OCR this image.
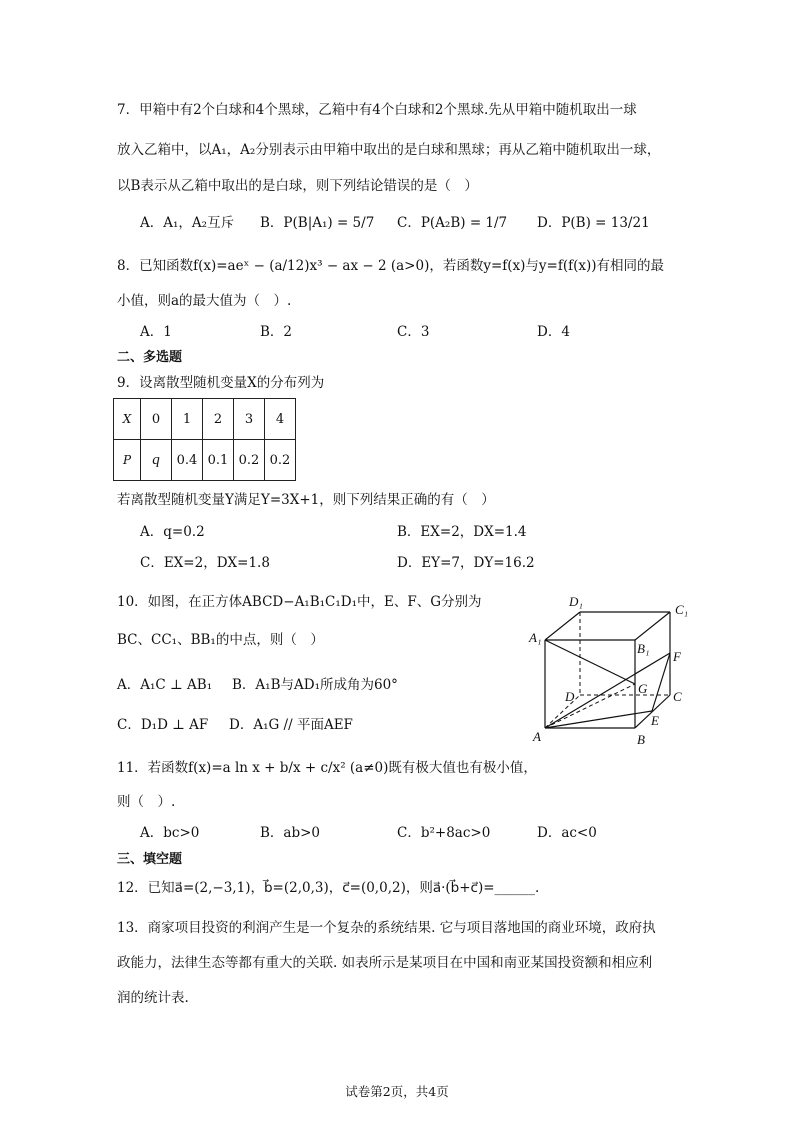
7．甲箱中有2个白球和4个黑球，乙箱中有4个白球和2个黑球.先从甲箱中随机取出一球
放入乙箱中，以A₁，A₂分别表示由甲箱中取出的是白球和黑球；再从乙箱中随机取出一球，
以B表示从乙箱中取出的是白球，则下列结论错误的是（　）
A．A₁，A₂互斥 B．P(B|A₁) = 5/7 C．P(A₂B) = 1/7 D．P(B) = 13/21
8．已知函数f(x)=aeˣ − (a/12)x³ − ax − 2 (a>0)，若函数y=f(x)与y=f(f(x))有相同的最
小值，则a的最大值为（　）.
A．1	B．2	C．3	D．4
二、多选题
9．设离散型随机变量X的分布列为
X	0	1	2	3	4
P	q	0.4	0.1	0.2	0.2
若离散型随机变量Y满足Y=3X+1，则下列结果正确的有（　）
A．q=0.2	B．EX=2，DX=1.4
C．EX=2，DX=1.8	D．EY=7，DY=16.2
10．如图，在正方体ABCD−A₁B₁C₁D₁中，E、F、G分别为
BC、CC₁、BB₁的中点，则（　）
A．A₁C ⊥ AB₁ B．A₁B与AD₁所成角为60°
C．D₁D ⊥ AF D．A₁G // 平面AEF
D₁
C₁
A₁
B₁
F
G
D	C
E
A	B
11．若函数f(x)=a ln x + b/x + c/x² (a≠0)既有极大值也有极小值，
则（　）.
A．bc>0	B．ab>0	C．b²+8ac>0	D．ac<0
三、填空题
12．已知a⃗=(2,−3,1)，b⃗=(2,0,3)，c⃗=(0,0,2)，则a⃗·(b⃗+c⃗)=______.
13．商家项目投资的利润产生是一个复杂的系统结果. 它与项目落地国的商业环境，政府执
政能力，法律生态等都有重大的关联. 如表所示是某项目在中国和南亚某国投资额和相应利
润的统计表.
试卷第2页，共4页
